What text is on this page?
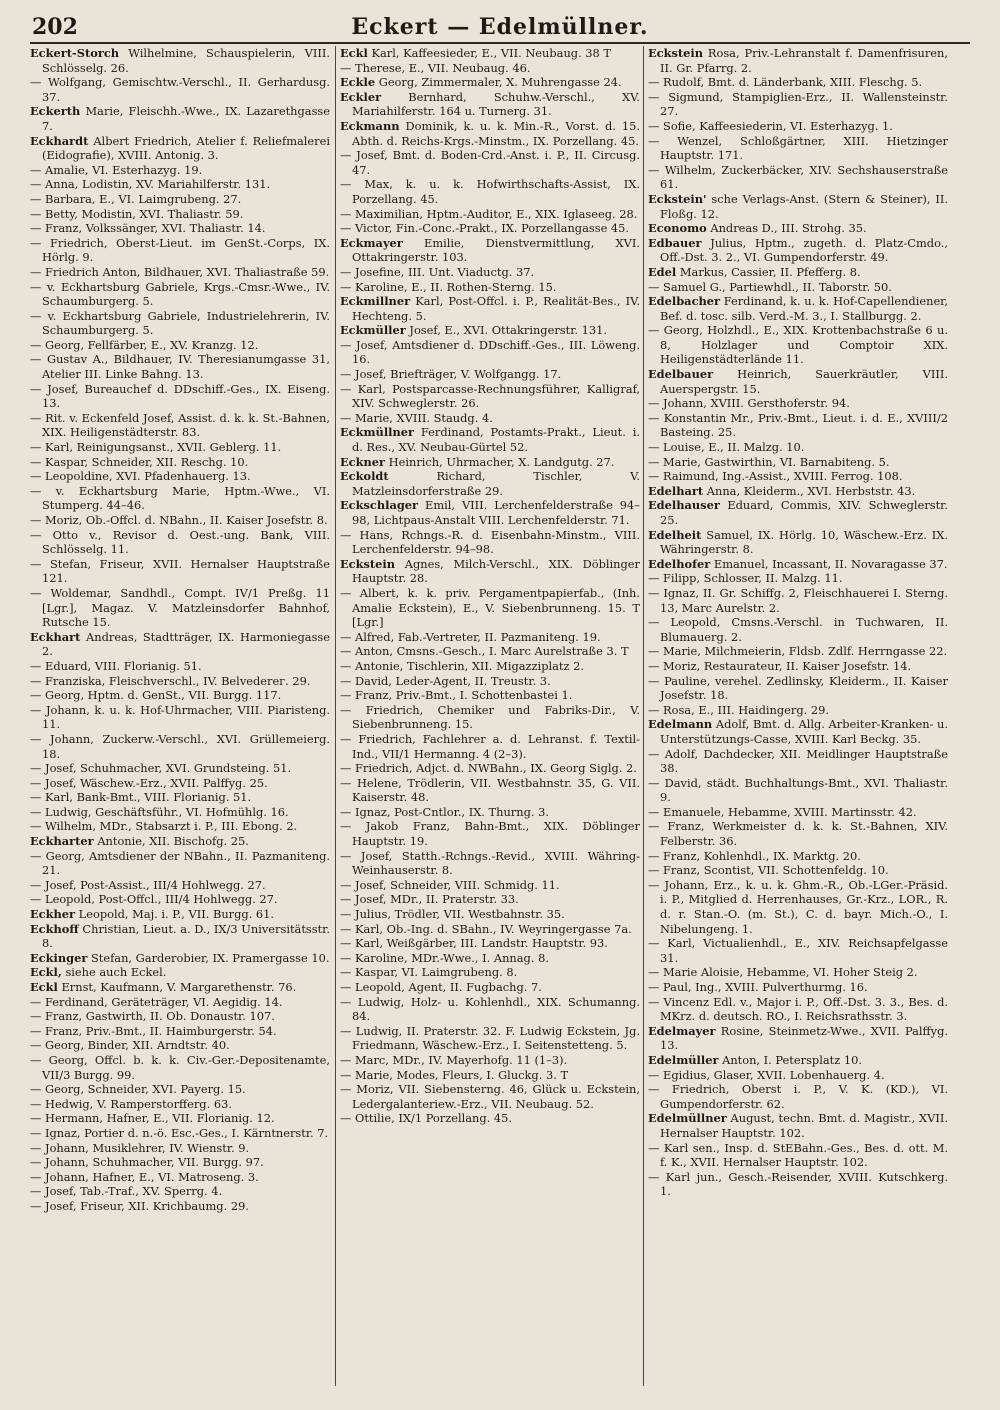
202	Eckert — Edelmüllner.
Eckert-Storch Wilhelmine, Schauspielerin, VIII. Schlösselg. 26.
— Wolfgang, Gemischtw.-Verschl., II. Gerhardusg. 37.
Eckerth Marie, Fleischh.-Wwe., IX. Lazarethgasse 7.
Eckhardt Albert Friedrich, Atelier f. Reliefmalerei (Eidografie), XVIII. Antonig. 3.
— Amalie, VI. Esterhazyg. 19.
— Anna, Lodistin, XV. Mariahilferstr. 131.
— Barbara, E., VI. Laimgrubeng. 27.
— Betty, Modistin, XVI. Thaliastr. 59.
— Franz, Volkssänger, XVI. Thaliastr. 14.
— Friedrich, Oberst-Lieut. im GenSt.-Corps, IX. Hörlg. 9.
— Friedrich Anton, Bildhauer, XVI. Thaliastraße 59.
— v. Eckhartsburg Gabriele, Krgs.-Cmsr.-Wwe., IV. Schaumburgerg. 5.
— v. Eckhartsburg Gabriele, Industrielehrerin, IV. Schaumburgerg. 5.
— Georg, Fellfärber, E., XV. Kranzg. 12.
— Gustav A., Bildhauer, IV. Theresianumgasse 31, Atelier III. Linke Bahng. 13.
— Josef, Bureauchef d. DDschiff.-Ges., IX. Eiseng. 13.
— Rit. v. Eckenfeld Josef, Assist. d. k. k. St.-Bahnen, XIX. Heiligenstädterstr. 83.
— Karl, Reinigungsanst., XVII. Geblerg. 11.
— Kaspar, Schneider, XII. Reschg. 10.
— Leopoldine, XVI. Pfadenhauerg. 13.
— v. Eckhartsburg Marie, Hptm.-Wwe., VI. Stumperg. 44–46.
— Moriz, Ob.-Offcl. d. NBahn., II. Kaiser Josefstr. 8.
— Otto v., Revisor d. Oest.-ung. Bank, VIII. Schlösselg. 11.
— Stefan, Friseur, XVII. Hernalser Hauptstraße 121.
— Woldemar, Sandhdl., Compt. IV/1 Preßg. 11 [Lgr.], Magaz. V. Matzleinsdorfer Bahnhof, Rutsche 15.
Eckhart Andreas, Stadtträger, IX. Harmoniegasse 2.
— Eduard, VIII. Florianig. 51.
— Franziska, Fleischverschl., IV. Belvederег. 29.
— Georg, Hptm. d. GenSt., VII. Burgg. 117.
— Johann, k. u. k. Hof-Uhrmacher, VIII. Piaristeng. 11.
— Johann, Zuckerw.-Verschl., XVI. Grüllemeierg. 18.
— Josef, Schuhmacher, XVI. Grundsteing. 51.
— Josef, Wäschew.-Erz., XVII. Palffyg. 25.
— Karl, Bank-Bmt., VIII. Florianig. 51.
— Ludwig, Geschäftsführ., VI. Hofmühlg. 16.
— Wilhelm, MDr., Stabsarzt i. P., III. Ebong. 2.
Eckharter Antonie, XII. Bischofg. 25.
— Georg, Amtsdiener der NBahn., II. Pazmaniteng. 21.
— Josef, Post-Assist., III/4 Hohlwegg. 27.
— Leopold, Post-Offcl., III/4 Hohlwegg. 27.
Eckher Leopold, Maj. i. P., VII. Burgg. 61.
Eckhoff Christian, Lieut. a. D., IX/3 Universitätsstr. 8.
Eckinger Stefan, Garderobier, IX. Pramergasse 10.
Eckl, siehe auch Eckel.
Eckl Ernst, Kaufmann, V. Margarethenstr. 76.
— Ferdinand, Geräteträger, VI. Aegidig. 14.
— Franz, Gastwirth, II. Ob. Donaustr. 107.
— Franz, Priv.-Bmt., II. Haimburgerstr. 54.
— Georg, Binder, XII. Arndtstr. 40.
— Georg, Offcl. b. k. k. Civ.-Ger.-Depositenamte, VII/3 Burgg. 99.
— Georg, Schneider, XVI. Payerg. 15.
— Hedwig, V. Ramperstorfferg. 63.
— Hermann, Hafner, E., VII. Florianig. 12.
— Ignaz, Portier d. n.-ö. Esc.-Ges., I. Kärntnerstr. 7.
— Johann, Musiklehrer, IV. Wienstr. 9.
— Johann, Schuhmacher, VII. Burgg. 97.
— Johann, Hafner, E., VI. Matroseng. 3.
— Josef, Tab.-Traf., XV. Sperrg. 4.
— Josef, Friseur, XII. Krichbaumg. 29.
Eckl Karl, Kaffeesieder, E., VII. Neubaug. 38 T
— Therese, E., VII. Neubaug. 46.
Eckle Georg, Zimmermaler, X. Muhrengasse 24.
Eckler Bernhard, Schuhw.-Verschl., XV. Mariahilferstr. 164 u. Turnerg. 31.
Eckmann Dominik, k. u. k. Min.-R., Vorst. d. 15. Abth. d. Reichs-Krgs.-Minstm., IX. Porzellang. 45.
— Josef, Bmt. d. Boden-Crd.-Anst. i. P., II. Circusg. 47.
— Max, k. u. k. Hofwirthschafts-Assist, IX. Porzellang. 45.
— Maximilian, Hptm.-Auditor, E., XIX. Iglaseeg. 28.
— Victor, Fin.-Conc.-Prakt., IX. Porzellangasse 45.
Eckmayer Emilie, Dienstvermittlung, XVI. Ottakringerstr. 103.
— Josefine, III. Unt. Viaductg. 37.
— Karoline, E., II. Rothen-Sterng. 15.
Eckmillner Karl, Post-Offcl. i. P., Realität-Bes., IV. Hechteng. 5.
Eckmüller Josef, E., XVI. Ottakringerstr. 131.
— Josef, Amtsdiener d. DDschiff.-Ges., III. Löweng. 16.
— Josef, Briefträger, V. Wolfgangg. 17.
— Karl, Postsparcasse-Rechnungsführer, Kalligraf, XIV. Schweglerstr. 26.
— Marie, XVIII. Staudg. 4.
Eckmüllner Ferdinand, Postamts-Prakt., Lieut. i. d. Res., XV. Neubau-Gürtel 52.
Eckner Heinrich, Uhrmacher, X. Landgutg. 27.
Eckoldt	Richard, Tischler, V. Matzleinsdorferstraße 29.
Eckschlager Emil, VIII. Lerchenfelderstraße 94–98, Lichtpaus-Anstalt VIII. Lerchenfelderstr. 71.
— Hans, Rchngs.-R. d. Eisenbahn-Minstm., VIII. Lerchenfelderstr. 94–98.
Eckstein Agnes, Milch-Verschl., XIX. Döblinger Hauptstr. 28.
— Albert, k. k. priv. Pergamentpapierfab., (Inh. Amalie Eckstein), E., V. Siebenbrunneng. 15. T [Lgr.]
— Alfred, Fab.-Vertreter, II. Pazmaniteng. 19.
— Anton, Cmsns.-Gesch., I. Marc Aurelstraße 3. T
— Antonie, Tischlerin, XII. Migazziplatz 2.
— David, Leder-Agent, II. Treustr. 3.
— Franz, Priv.-Bmt., I. Schottenbastei 1.
— Friedrich, Chemiker und Fabriks-Dir., V. Siebenbrunneng. 15.
— Friedrich, Fachlehrer a. d. Lehranst. f. Textil-Ind., VII/1 Hermanng. 4 (2–3).
— Friedrich, Adjct. d. NWBahn., IX. Georg Siglg. 2.
— Helene, Trödlerin, VII. Westbahnstr. 35, G. VII. Kaiserstr. 48.
— Ignaz, Post-Cntlor., IX. Thurng. 3.
— Jakob Franz, Bahn-Bmt., XIX. Döblinger Hauptstr. 19.
— Josef, Statth.-Rchngs.-Revid., XVIII. Währing-Weinhauserstr. 8.
— Josef, Schneider, VIII. Schmidg. 11.
— Josef, MDr., II. Praterstr. 33.
— Julius, Trödler, VII. Westbahnstr. 35.
— Karl, Ob.-Ing. d. SBahn., IV. Weyringergasse 7a.
— Karl, Weißgärber, III. Landstr. Hauptstr. 93.
— Karoline, MDr.-Wwe., I. Annag. 8.
— Kaspar, VI. Laimgrubeng. 8.
— Leopold, Agent, II. Fugbachg. 7.
— Ludwig, Holz- u. Kohlenhdl., XIX. Schumanng. 84.
— Ludwig, II. Praterstr. 32. F. Ludwig Eckstein, Jg. Friedmann, Wäschew.-Erz., I. Seitenstetteng. 5.
— Marc, MDr., IV. Mayerhofg. 11 (1–3).
— Marie, Modes, Fleurs, I. Gluckg. 3. T
— Moriz, VII. Siebensterng. 46, Glück u. Eckstein, Ledergalanteriew.-Erz., VII. Neubaug. 52.
— Ottilie, IX/1 Porzellang. 45.
Eckstein Rosa, Priv.-Lehranstalt f. Damenfrisuren, II. Gr. Pfarrg. 2.
— Rudolf, Bmt. d. Länderbank, XIII. Fleschg. 5.
— Sigmund, Stampiglien-Erz., II. Wallensteinstr. 27.
— Sofie, Kaffeesiederin, VI. Esterhazyg. 1.
— Wenzel, Schloßgärtner, XIII. Hietzinger Hauptstr. 171.
— Wilhelm, Zuckerbäcker, XIV. Sechshauserstraße 61.
Eckstein' sche Verlags-Anst. (Stern & Steiner), II. Floßg. 12.
Economo Andreas D., III. Strohg. 35.
Edbauer Julius, Hptm., zugeth. d. Platz-Cmdo., Off.-Dst. 3. 2., VI. Gumpendorferstr. 49.
Edel Markus, Cassier, II. Pfefferg. 8.
— Samuel G., Partiewhdl., II. Taborstr. 50.
Edelbacher Ferdinand, k. u. k. Hof-Capellendiener, Bef. d. tosc. silb. Verd.-M. 3., I. Stallburgg. 2.
— Georg, Holzhdl., E., XIX. Krottenbachstraße 6 u. 8, Holzlager und Comptoir XIX. Heiligenstädterlände 11.
Edelbauer Heinrich, Sauerkräutler, VIII. Auerspergstr. 15.
— Johann, XVIII. Gersthoferstr. 94.
— Konstantin Mr., Priv.-Bmt., Lieut. i. d. E., XVIII/2 Basteing. 25.
— Louise, E., II. Malzg. 10.
— Marie, Gastwirthin, VI. Barnabiteng. 5.
— Raimund, Ing.-Assist., XVIII. Ferrog. 108.
Edelhart Anna, Kleiderm., XVI. Herbststr. 43.
Edelhauser Eduard, Commis, XIV. Schweglerstr. 25.
Edelheit Samuel, IX. Hörlg. 10, Wäschew.-Erz. IX. Währingerstr. 8.
Edelhofer Emanuel, Incassant, II. Novaragasse 37.
— Filipp, Schlosser, II. Malzg. 11.
— Ignaz, II. Gr. Schiffg. 2, Fleischhauerei I. Sterng. 13, Marc Aurelstr. 2.
— Leopold, Cmsns.-Verschl. in Tuchwaren, II. Blumauerg. 2.
— Marie, Milchmeierin, Fldsb. Zdlf. Herrngasse 22.
— Moriz, Restaurateur, II. Kaiser Josefstr. 14.
— Pauline, verehel. Zedlinsky, Kleiderm., II. Kaiser Josefstr. 18.
— Rosa, E., III. Haidingerg. 29.
Edelmann Adolf, Bmt. d. Allg. Arbeiter-Kranken- u. Unterstützungs-Casse, XVIII. Karl Beckg. 35.
— Adolf, Dachdecker, XII. Meidlinger Hauptstraße 38.
— David, städt. Buchhaltungs-Bmt., XVI. Thaliastr. 9.
— Emanuele, Hebamme, XVIII. Martinsstr. 42.
— Franz, Werkmeister d. k. k. St.-Bahnen, XIV. Felberstr. 36.
— Franz, Kohlenhdl., IX. Marktg. 20.
— Franz, Scontist, VII. Schottenfeldg. 10.
— Johann, Erz., k. u. k. Ghm.-R., Ob.-LGer.-Präsid. i. P., Mitglied d. Herrenhauses, Gr.-Krz., LOR., R. d. r. Stan.-O. (m. St.), C. d. bayr. Mich.-O., I. Nibelungeng. 1.
— Karl, Victualienhdl., E., XIV. Reichsapfelgasse 31.
— Marie Aloisie, Hebamme, VI. Hoher Steig 2.
— Paul, Ing., XVIII. Pulverthurmg. 16.
— Vincenz Edl. v., Major i. P., Off.-Dst. 3. 3., Bes. d. MKrz. d. deutsch. RO., I. Reichsrathsstr. 3.
Edelmayer Rosine, Steinmetz-Wwe., XVII. Palffyg. 13.
Edelmüller Anton, I. Petersplatz 10.
— Egidius, Glaser, XVII. Lobenhauerg. 4.
— Friedrich, Oberst i. P., V. K. (KD.), VI. Gumpendorferstr. 62.
Edelmüllner August, techn. Bmt. d. Magistr., XVII. Hernalser Hauptstr. 102.
— Karl sen., Insp. d. StEBahn.-Ges., Bes. d. ott. M. f. K., XVII. Hernalser Hauptstr. 102.
— Karl jun., Gesch.-Reisender, XVIII. Kutschkerg. 1.
